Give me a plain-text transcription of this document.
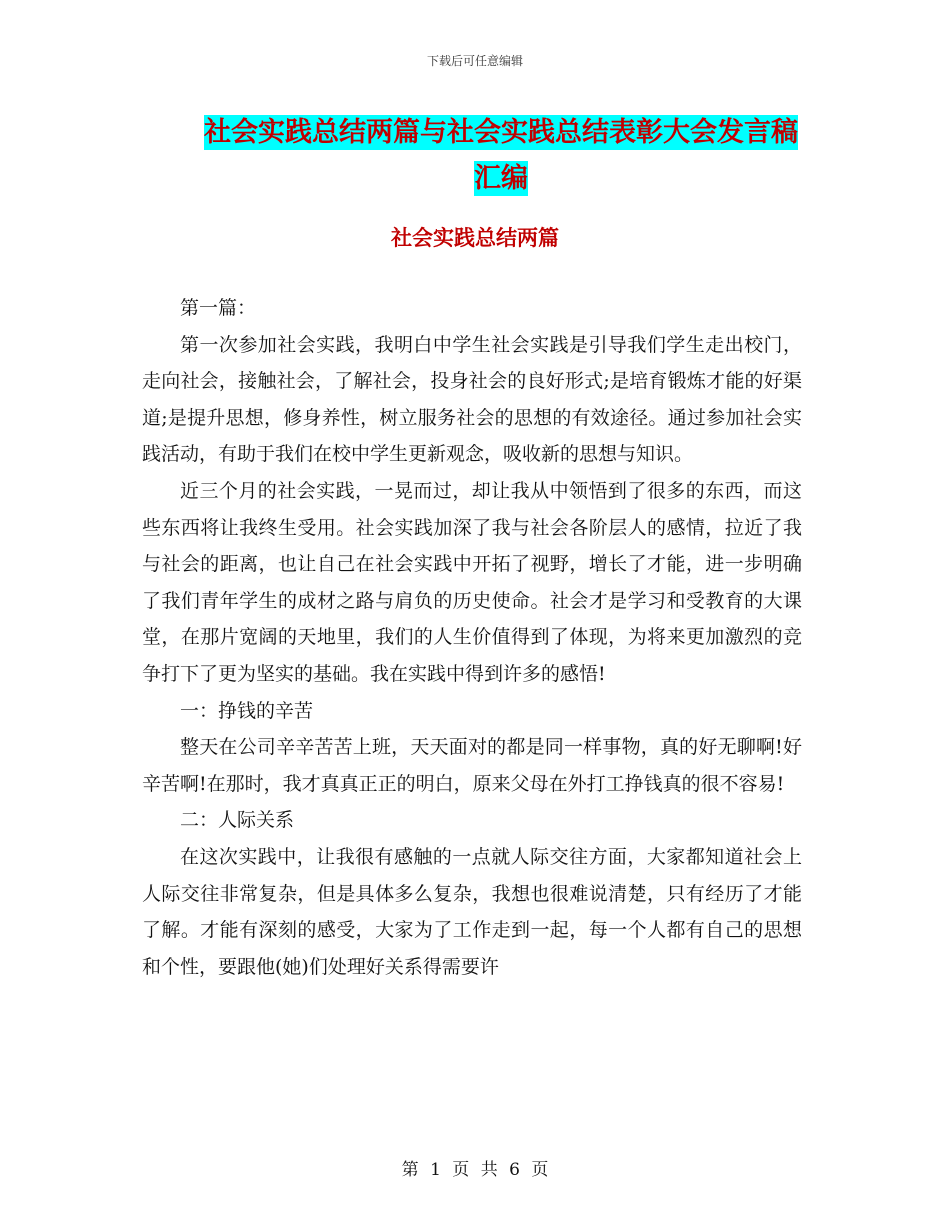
下载后可任意编辑
社会实践总结两篇与社会实践总结表彰大会发言稿汇编
社会实践总结两篇

第一篇：

第一次参加社会实践，我明白中学生社会实践是引导我们学生走出校门，走向社会，接触社会，了解社会，投身社会的良好形式;是培育锻炼才能的好渠道;是提升思想，修身养性，树立服务社会的思想的有效途径。通过参加社会实践活动，有助于我们在校中学生更新观念，吸收新的思想与知识。

近三个月的社会实践，一晃而过，却让我从中领悟到了很多的东西，而这些东西将让我终生受用。社会实践加深了我与社会各阶层人的感情，拉近了我与社会的距离，也让自己在社会实践中开拓了视野，增长了才能，进一步明确了我们青年学生的成材之路与肩负的历史使命。社会才是学习和受教育的大课堂，在那片宽阔的天地里，我们的人生价值得到了体现，为将来更加激烈的竞争打下了更为坚实的基础。我在实践中得到许多的感悟!

一：挣钱的辛苦

整天在公司辛辛苦苦上班，天天面对的都是同一样事物，真的好无聊啊!好辛苦啊!在那时，我才真真正正的明白，原来父母在外打工挣钱真的很不容易!

二：人际关系

在这次实践中，让我很有感触的一点就人际交往方面，大家都知道社会上人际交往非常复杂，但是具体多么复杂，我想也很难说清楚，只有经历了才能了解。才能有深刻的感受，大家为了工作走到一起，每一个人都有自己的思想和个性，要跟他(她)们处理好关系得需要许

第 1 页 共 6 页
